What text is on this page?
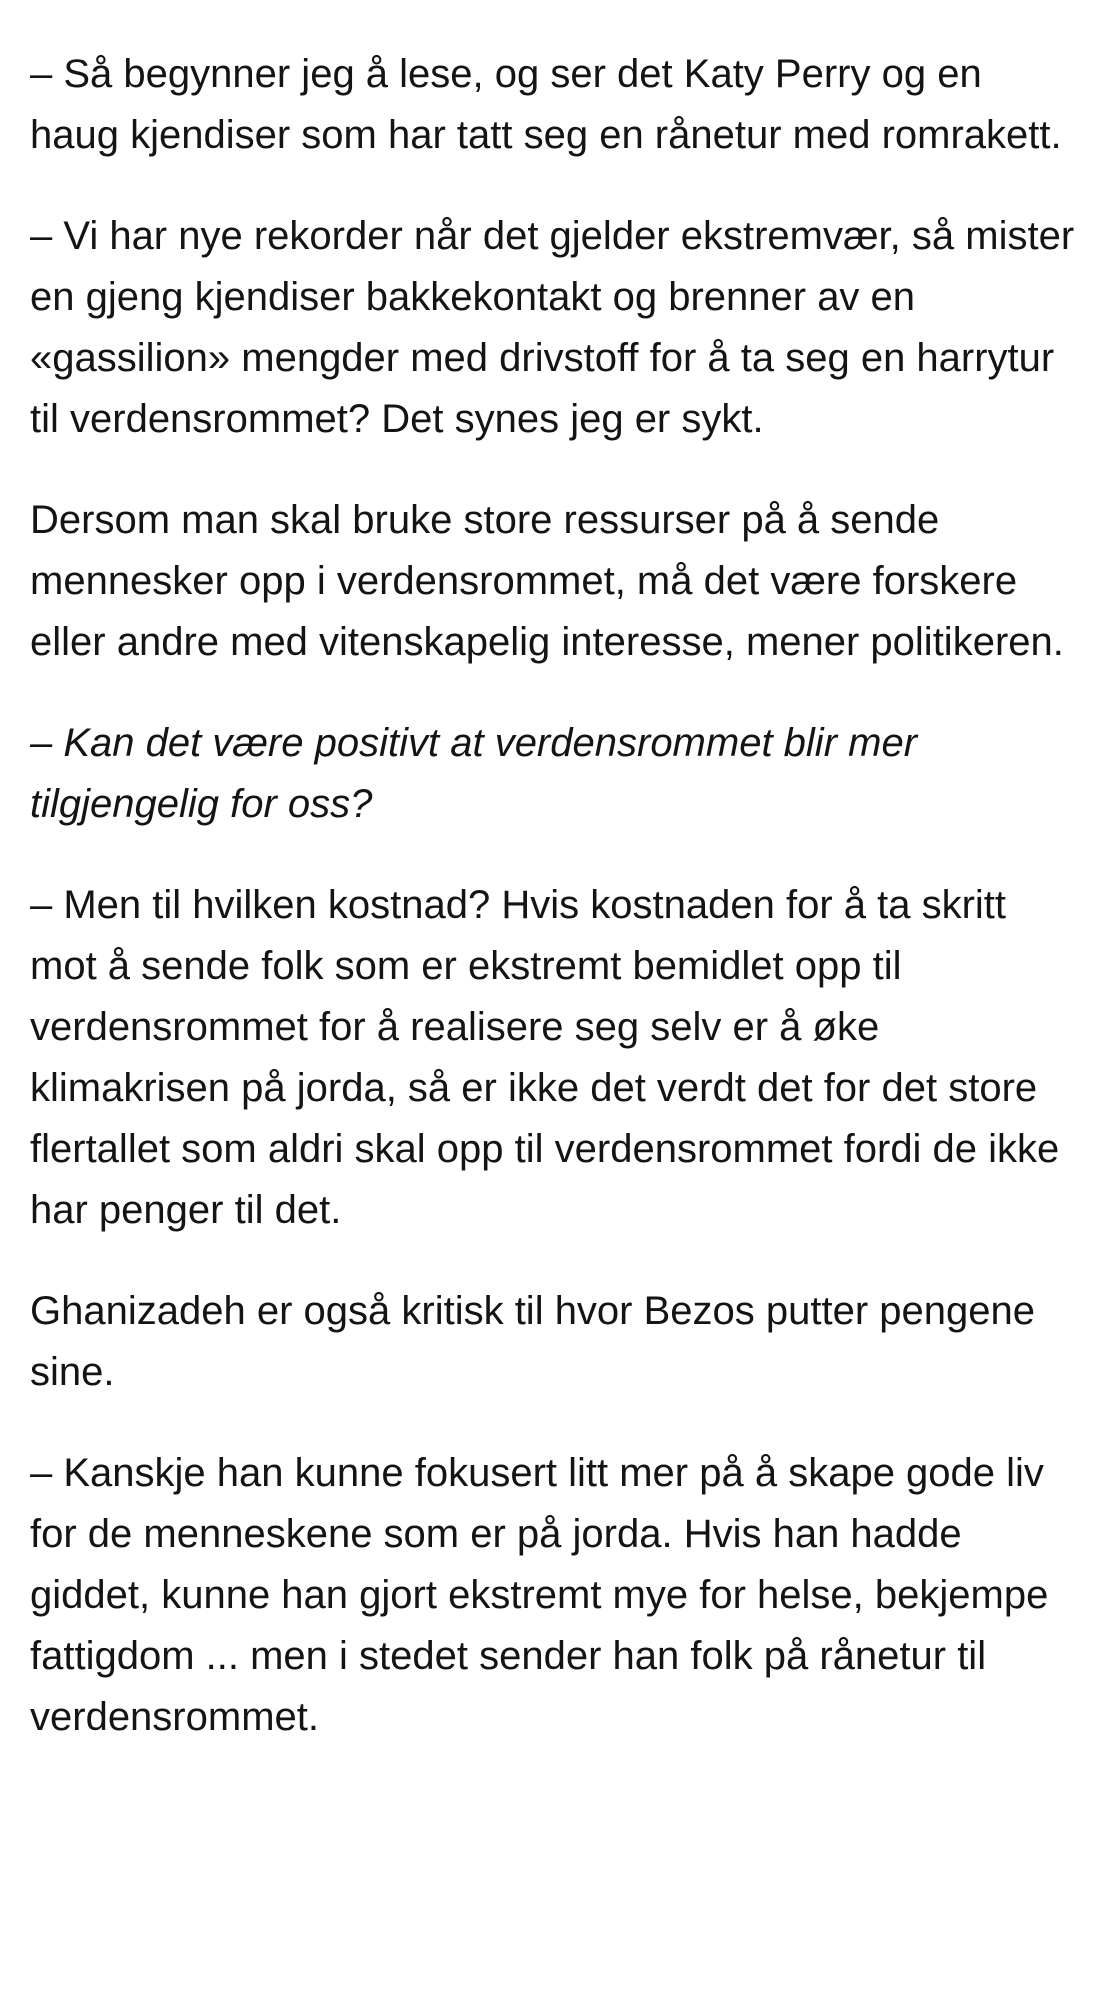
– Så begynner jeg å lese, og ser det Katy Perry og en haug kjendiser som har tatt seg en rånetur med romrakett.

– Vi har nye rekorder når det gjelder ekstremvær, så mister en gjeng kjendiser bakkekontakt og brenner av en «gassilion» mengder med drivstoff for å ta seg en harrytur til verdensrommet? Det synes jeg er sykt.

Dersom man skal bruke store ressurser på å sende mennesker opp i verdensrommet, må det være forskere eller andre med vitenskapelig interesse, mener politikeren.

– Kan det være positivt at verdensrommet blir mer tilgjengelig for oss?

– Men til hvilken kostnad? Hvis kostnaden for å ta skritt mot å sende folk som er ekstremt bemidlet opp til verdensrommet for å realisere seg selv er å øke klimakrisen på jorda, så er ikke det verdt det for det store flertallet som aldri skal opp til verdensrommet fordi de ikke har penger til det.

Ghanizadeh er også kritisk til hvor Bezos putter pengene sine.

– Kanskje han kunne fokusert litt mer på å skape gode liv for de menneskene som er på jorda. Hvis han hadde giddet, kunne han gjort ekstremt mye for helse, bekjempe fattigdom ... men i stedet sender han folk på rånetur til verdensrommet.
